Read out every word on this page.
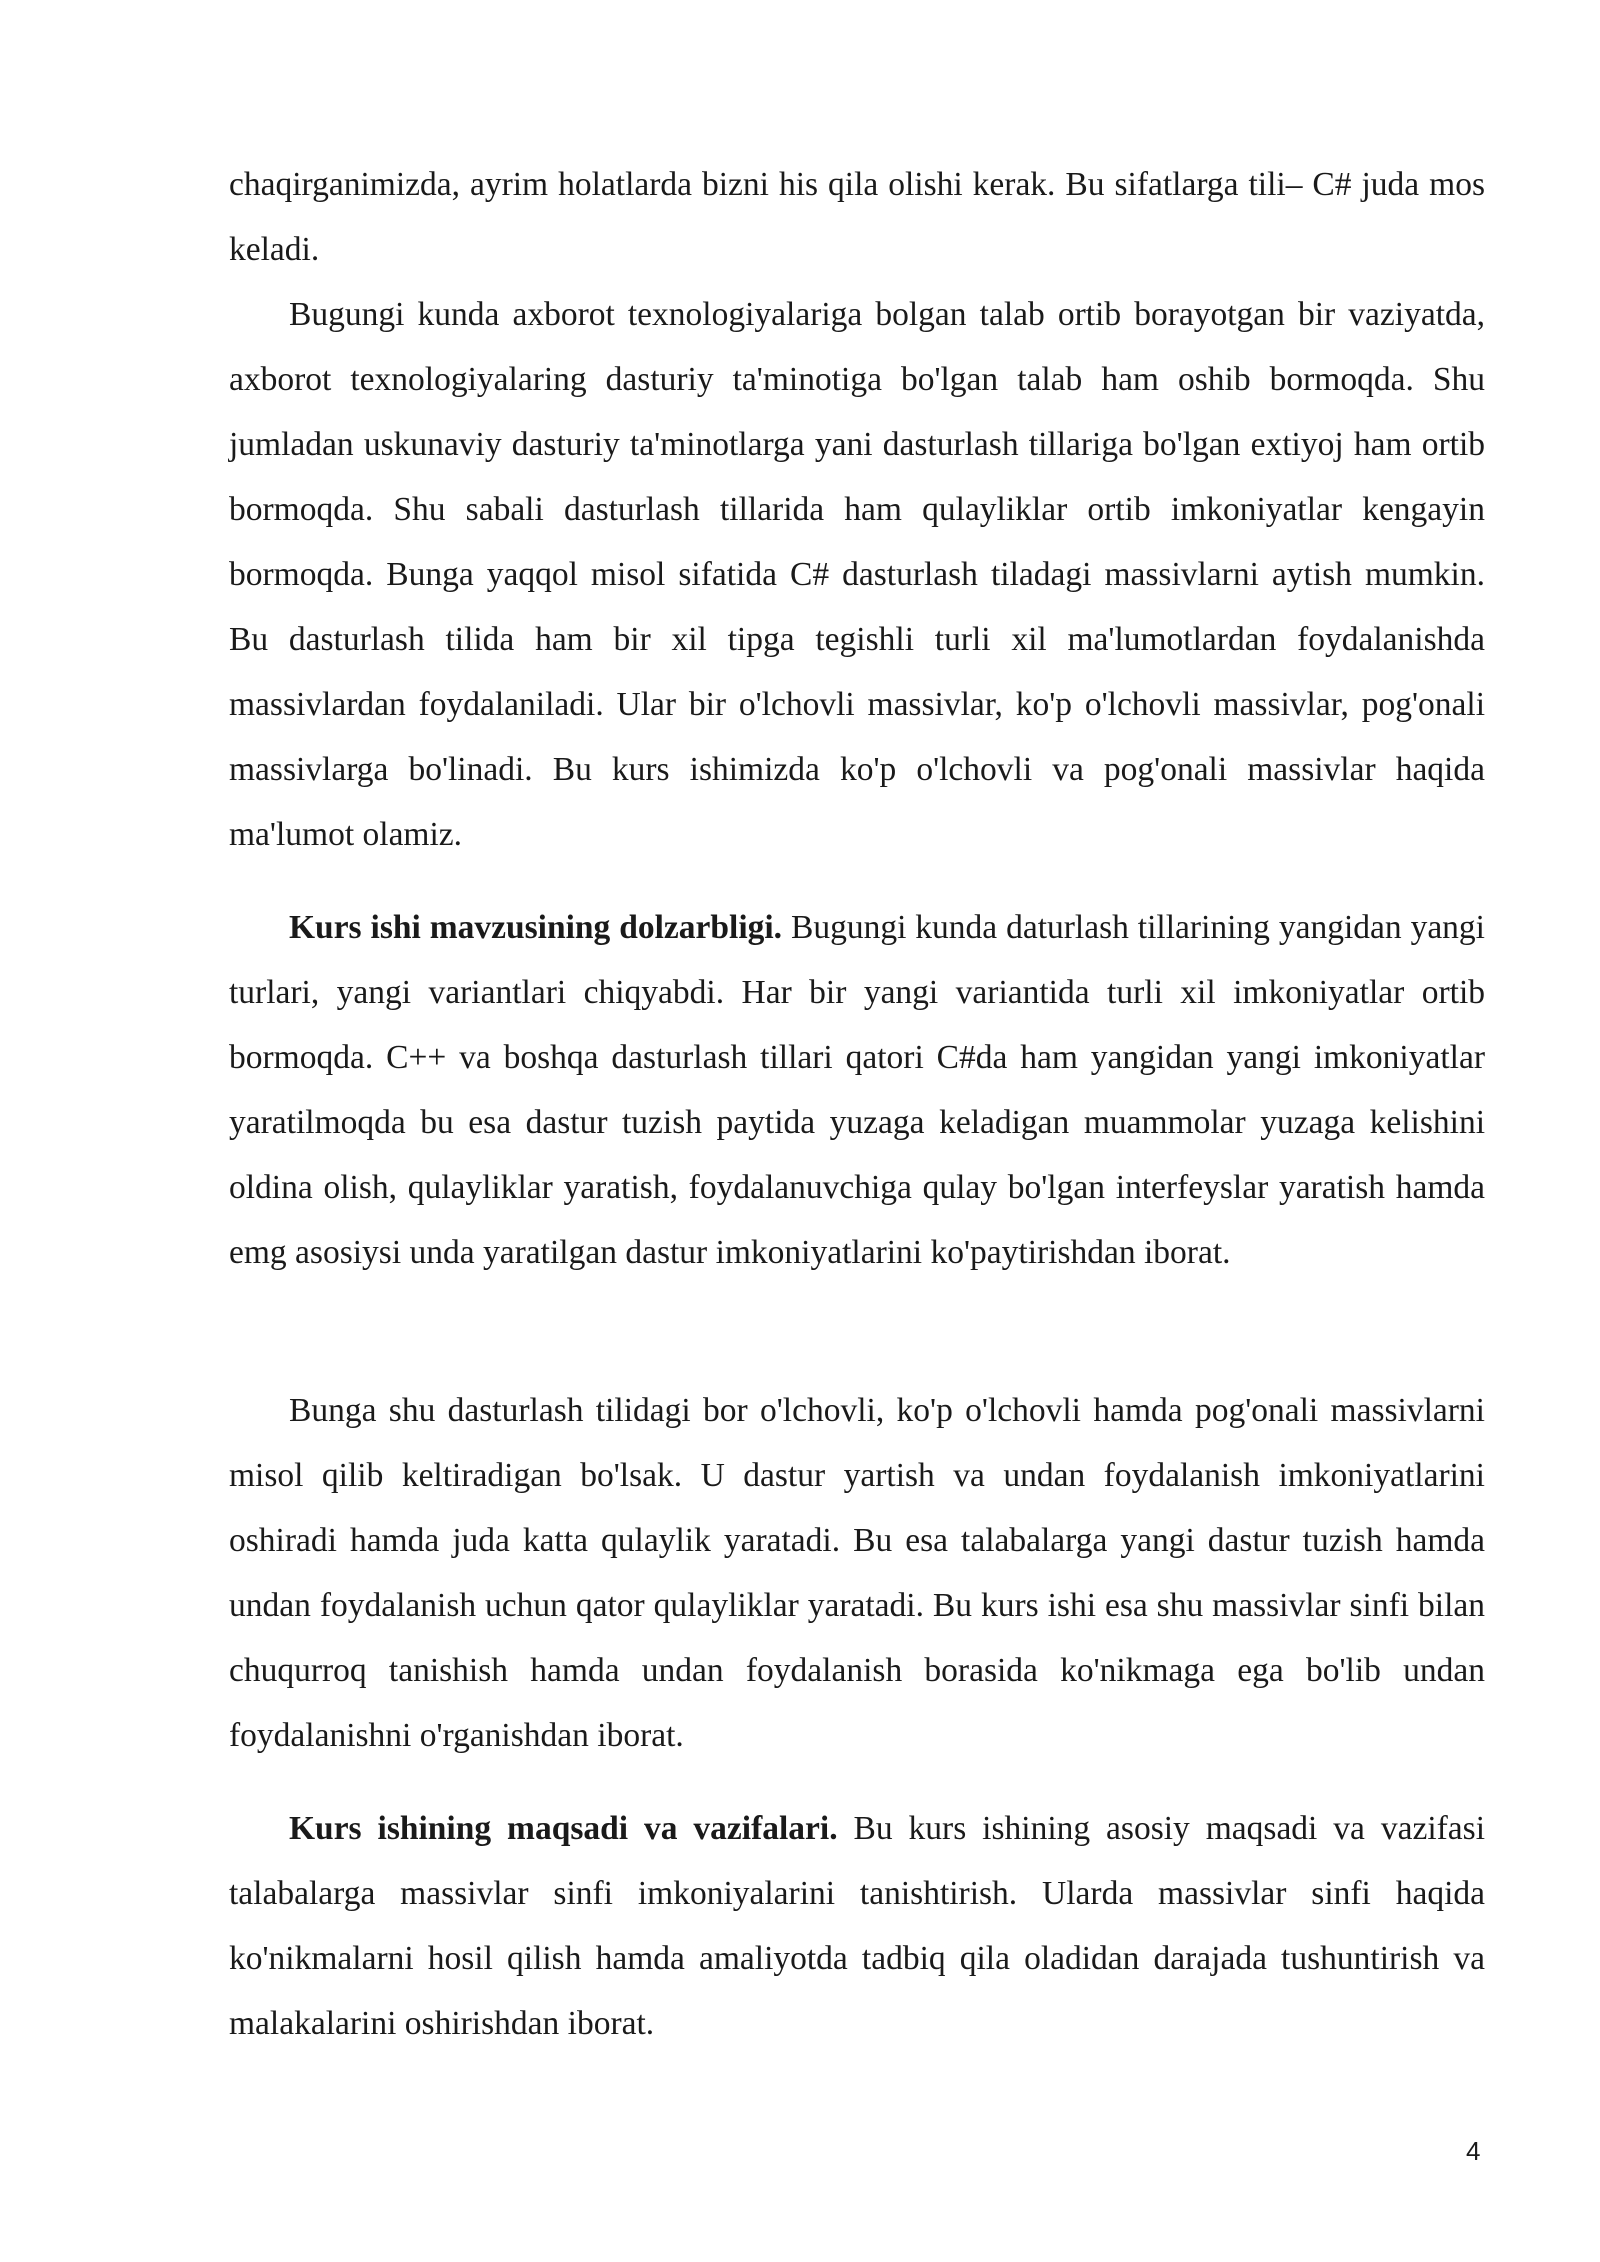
chaqirganimizda, ayrim holatlarda bizni his qila olishi kerak. Bu sifatlarga tili– C# juda mos keladi.

Bugungi kunda axborot texnologiyalariga bolgan talab ortib borayotgan bir vaziyatda, axborot texnologiyalaring dasturiy ta'minotiga bo'lgan talab ham oshib bormoqda. Shu jumladan uskunaviy dasturiy ta'minotlarga yani dasturlash tillariga bo'lgan extiyoj ham ortib bormoqda. Shu sabali dasturlash tillarida ham qulayliklar ortib imkoniyatlar kengayin bormoqda. Bunga yaqqol misol sifatida C# dasturlash tiladagi massivlarni aytish mumkin. Bu dasturlash tilida ham bir xil tipga tegishli turli xil ma'lumotlardan foydalanishda massivlardan foydalaniladi. Ular bir o'lchovli massivlar, ko'p o'lchovli massivlar, pog'onali massivlarga bo'linadi. Bu kurs ishimizda ko'p o'lchovli va pog'onali massivlar haqida ma'lumot olamiz.

Kurs ishi mavzusining dolzarbligi. Bugungi kunda daturlash tillarining yangidan yangi turlari, yangi variantlari chiqyabdi. Har bir yangi variantida turli xil imkoniyatlar ortib bormoqda. C++ va boshqa dasturlash tillari qatori C#da ham yangidan yangi imkoniyatlar yaratilmoqda bu esa dastur tuzish paytida yuzaga keladigan muammolar yuzaga kelishini oldina olish, qulayliklar yaratish, foydalanuvchiga qulay bo'lgan interfeyslar yaratish hamda emg asosiysi unda yaratilgan dastur imkoniyatlarini ko'paytirishdan iborat.

Bunga shu dasturlash tilidagi bor o'lchovli, ko'p o'lchovli hamda pog'onali massivlarni misol qilib keltiradigan bo'lsak. U dastur yartish va undan foydalanish imkoniyatlarini oshiradi hamda juda katta qulaylik yaratadi. Bu esa talabalarga yangi dastur tuzish hamda undan foydalanish uchun qator qulayliklar yaratadi. Bu kurs ishi esa shu massivlar sinfi bilan chuqurroq tanishish hamda undan foydalanish borasida ko'nikmaga ega bo'lib undan foydalanishni o'rganishdan iborat.

Kurs ishining maqsadi va vazifalari. Bu kurs ishining asosiy maqsadi va vazifasi talabalarga massivlar sinfi imkoniyalarini tanishtirish. Ularda massivlar sinfi haqida ko'nikmalarni hosil qilish hamda amaliyotda tadbiq qila oladidan darajada tushuntirish va malakalarini oshirishdan iborat.

4
